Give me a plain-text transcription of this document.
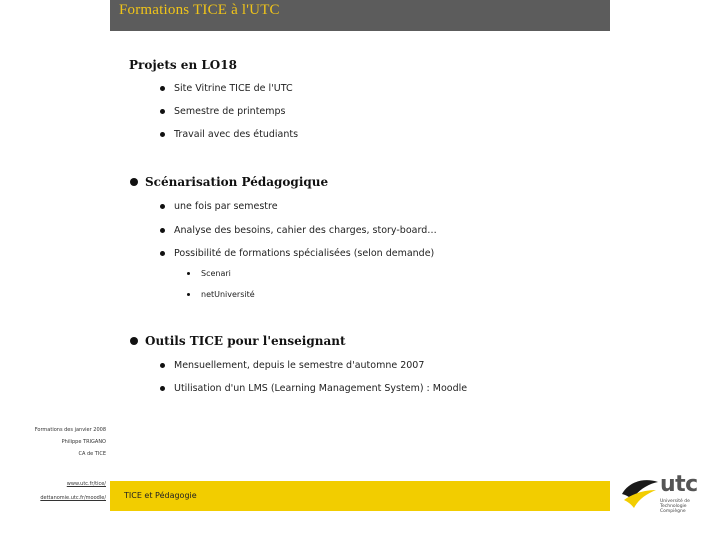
Formations TICE à l'UTC
Projets en LO18
Site Vitrine TICE de l'UTC
Semestre de printemps
Travail avec des étudiants
Scénarisation Pédagogique
une fois par semestre
Analyse des besoins, cahier des charges, story-board…
Possibilité de formations spécialisées (selon demande)
Scenari
netUniversité
Outils TICE pour l'enseignant
Mensuellement, depuis le semestre d'automne 2007
Utilisation d'un LMS (Learning Management System) : Moodle
Formations des janvier 2008
Philippe TRIGANO
CA de TICE
www.utc.fr/tice/
dettanomie.utc.fr/moodle/ TICE et Pédagogie	utc
Université de Technologie Compiègne
